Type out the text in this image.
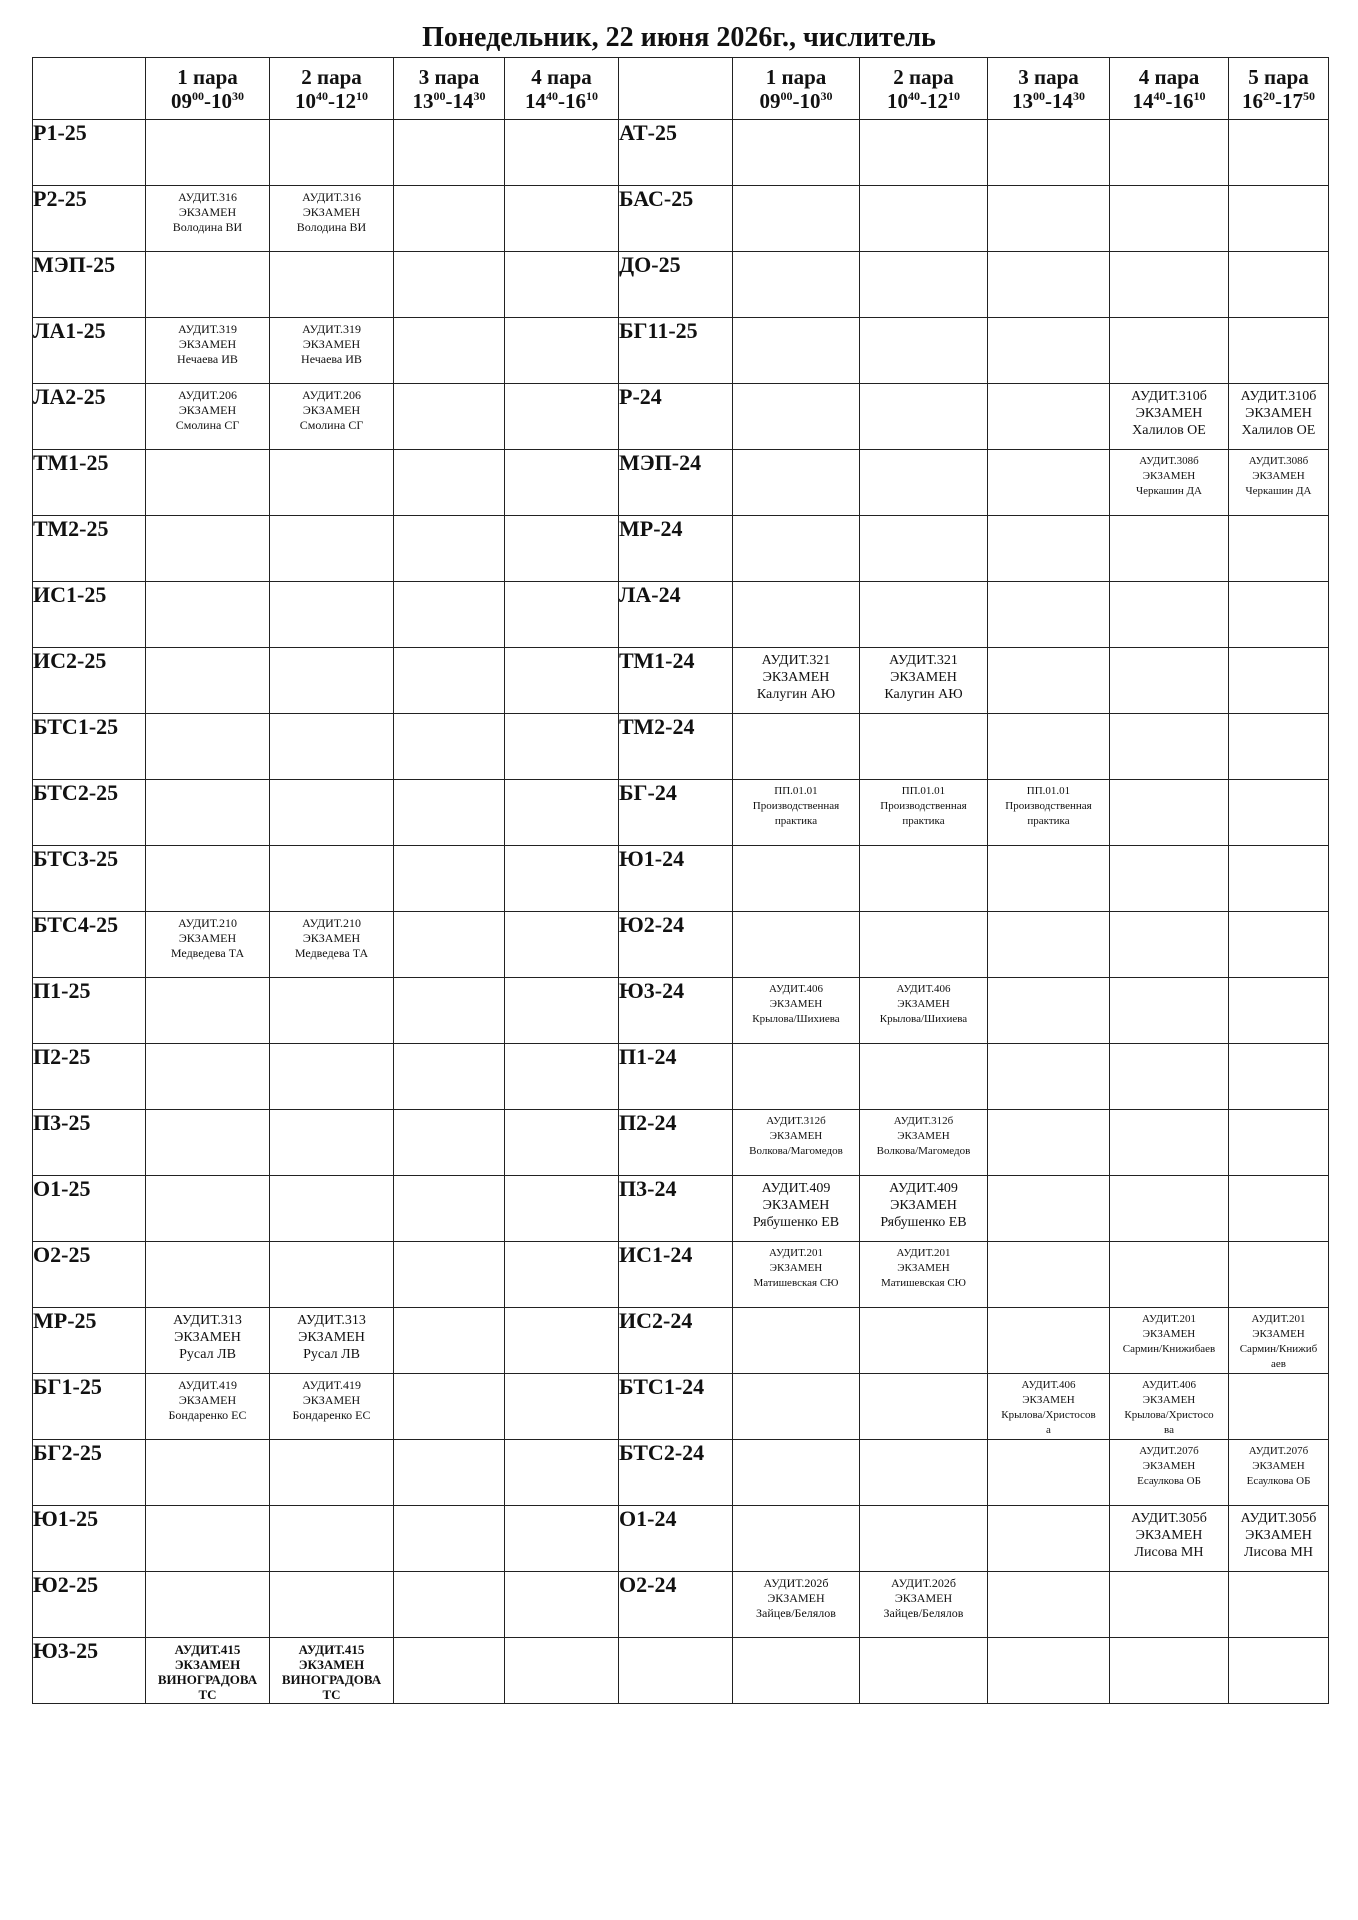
Понедельник, 22 июня 2026г., числитель

	1 пара
$09^{00}-10^{30}$	2 пара
$10^{40}-12^{10}$	3 пара
$13^{00}-14^{30}$	4 пара
$14^{40}-16^{10}$		1 пара
$09^{00}-10^{30}$	2 пара
$10^{40}-12^{10}$	3 пара
$13^{00}-14^{30}$	4 пара
$14^{40}-16^{10}$	5 пара
$16^{20}-17^{50}$

Р1-25					АТ-25					
Р2-25	АУДИТ.316
ЭКЗАМЕН
Володина ВИ	АУДИТ.316
ЭКЗАМЕН
Володина ВИ			БАС-25					
МЭП-25					ДО-25					
ЛА1-25	АУДИТ.319
ЭКЗАМЕН
Нечаева ИВ	АУДИТ.319
ЭКЗАМЕН
Нечаева ИВ			БГ11-25					
ЛА2-25	АУДИТ.206
ЭКЗАМЕН
Смолина СГ	АУДИТ.206
ЭКЗАМЕН
Смолина СГ			Р-24				АУДИТ.310б
ЭКЗАМЕН
Халилов ОЕ	АУДИТ.310б
ЭКЗАМЕН
Халилов ОЕ

ТМ1-25					МЭП-24				АУДИТ.308б
ЭКЗАМЕН
Черкашин ДА	АУДИТ.308б
ЭКЗАМЕН
Черкашин ДА

ТМ2-25					МР-24					
ИС1-25					ЛА-24					
ИС2-25					ТМ1-24	АУДИТ.321
ЭКЗАМЕН
Калугин АЮ	АУДИТ.321
ЭКЗАМЕН
Калугин АЮ			

БТС1-25					ТМ2-24					
БТС2-25					БГ-24	ПП.01.01
Производственная
практика	ПП.01.01
Производственная
практика	ПП.01.01
Производственная
практика		

БТС3-25					Ю1-24					
БТС4-25	АУДИТ.210
ЭКЗАМЕН
Медведева ТА	АУДИТ.210
ЭКЗАМЕН
Медведева ТА			Ю2-24					
П1-25					Ю3-24	АУДИТ.406
ЭКЗАМЕН
Крылова/Шихиева	АУДИТ.406
ЭКЗАМЕН
Крылова/Шихиева			

П2-25					П1-24					
П3-25					П2-24	АУДИТ.312б
ЭКЗАМЕН
Волкова/Магомедов	АУДИТ.312б
ЭКЗАМЕН
Волкова/Магомедов			

О1-25					П3-24	АУДИТ.409
ЭКЗАМЕН
Рябушенко ЕВ	АУДИТ.409
ЭКЗАМЕН
Рябушенко ЕВ			

О2-25					ИС1-24	АУДИТ.201
ЭКЗАМЕН
Матишевская СЮ	АУДИТ.201
ЭКЗАМЕН
Матишевская СЮ			

МР-25	АУДИТ.313
ЭКЗАМЕН
Русал ЛВ	АУДИТ.313
ЭКЗАМЕН
Русал ЛВ			ИС2-24				АУДИТ.201
ЭКЗАМЕН
Сармин/Книжибаев	АУДИТ.201
ЭКЗАМЕН
Сармин/Книжиб
аев

БГ1-25	АУДИТ.419
ЭКЗАМЕН
Бондаренко ЕС	АУДИТ.419
ЭКЗАМЕН
Бондаренко ЕС			БТС1-24			АУДИТ.406
ЭКЗАМЕН
Крылова/Христосов
а	АУДИТ.406
ЭКЗАМЕН
Крылова/Христосо
ва	

БГ2-25					БТС2-24				АУДИТ.207б
ЭКЗАМЕН
Есаулкова ОБ	АУДИТ.207б
ЭКЗАМЕН
Есаулкова ОБ

Ю1-25					О1-24				АУДИТ.305б
ЭКЗАМЕН
Лисова МН	АУДИТ.305б
ЭКЗАМЕН
Лисова МН

Ю2-25					О2-24	АУДИТ.202б
ЭКЗАМЕН
Зайцев/Белялов	АУДИТ.202б
ЭКЗАМЕН
Зайцев/Белялов			

Ю3-25	АУДИТ.415
ЭКЗАМЕН
ВИНОГРАДОВА
ТС	АУДИТ.415
ЭКЗАМЕН
ВИНОГРАДОВА
ТС								
